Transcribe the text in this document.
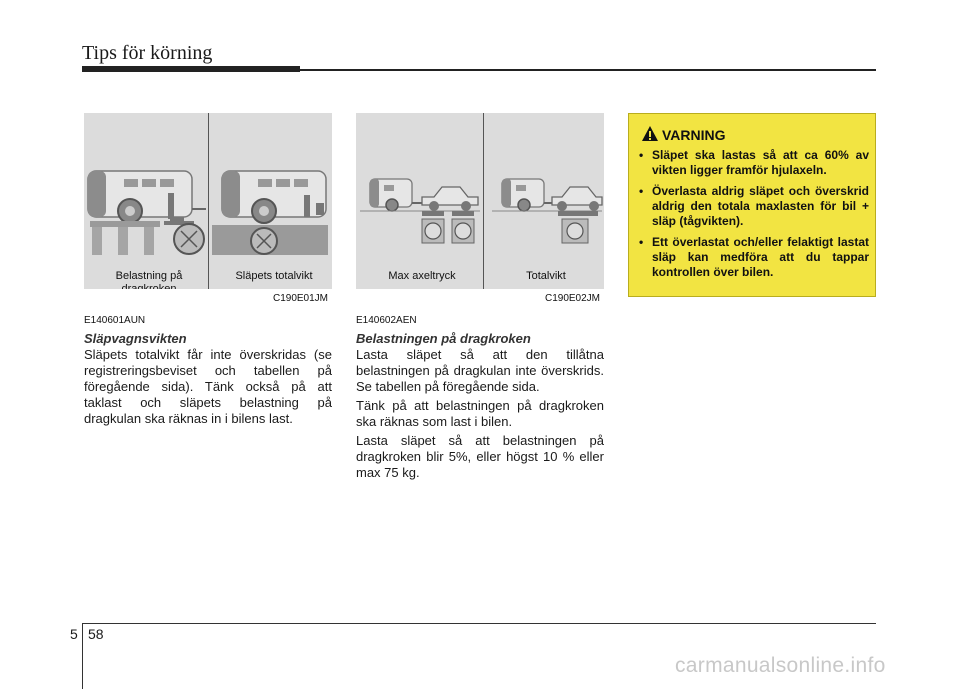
Tips för körning
Belastning på	Släpets totalvikt
C190E01JM
Max axeltryck	Totalvikt
C190E02JM
E140601AUN
Släpvagnsvikten

Släpets totalvikt får inte överskridas (se registreringsbeviset och tabellen på föregående sida). Tänk också på att taklast och släpets belastning på dragkulan ska räknas in i bilens last.

E140602AEN
Belastningen på dragkroken

Lasta släpet så att den tillåtna belastningen på dragkulan inte överskrids. Se tabellen på föregående sida.

Tänk på att belastningen på dragkroken ska räknas som last i bilen.

Lasta släpet så att belastningen på dragkroken blir 5%, eller högst 10 % eller max 75 kg.

VARNING
• Släpet ska lastas så att ca 60% av vikten ligger framför hjulaxeln.
• Överlasta aldrig släpet och överskrid aldrig den totala maxlasten för bil + släp (tågvikten).
• Ett överlastat och/eller felaktigt lastat släp kan medföra att du tappar kontrollen över bilen.
5 58
carmanualsonline.info
